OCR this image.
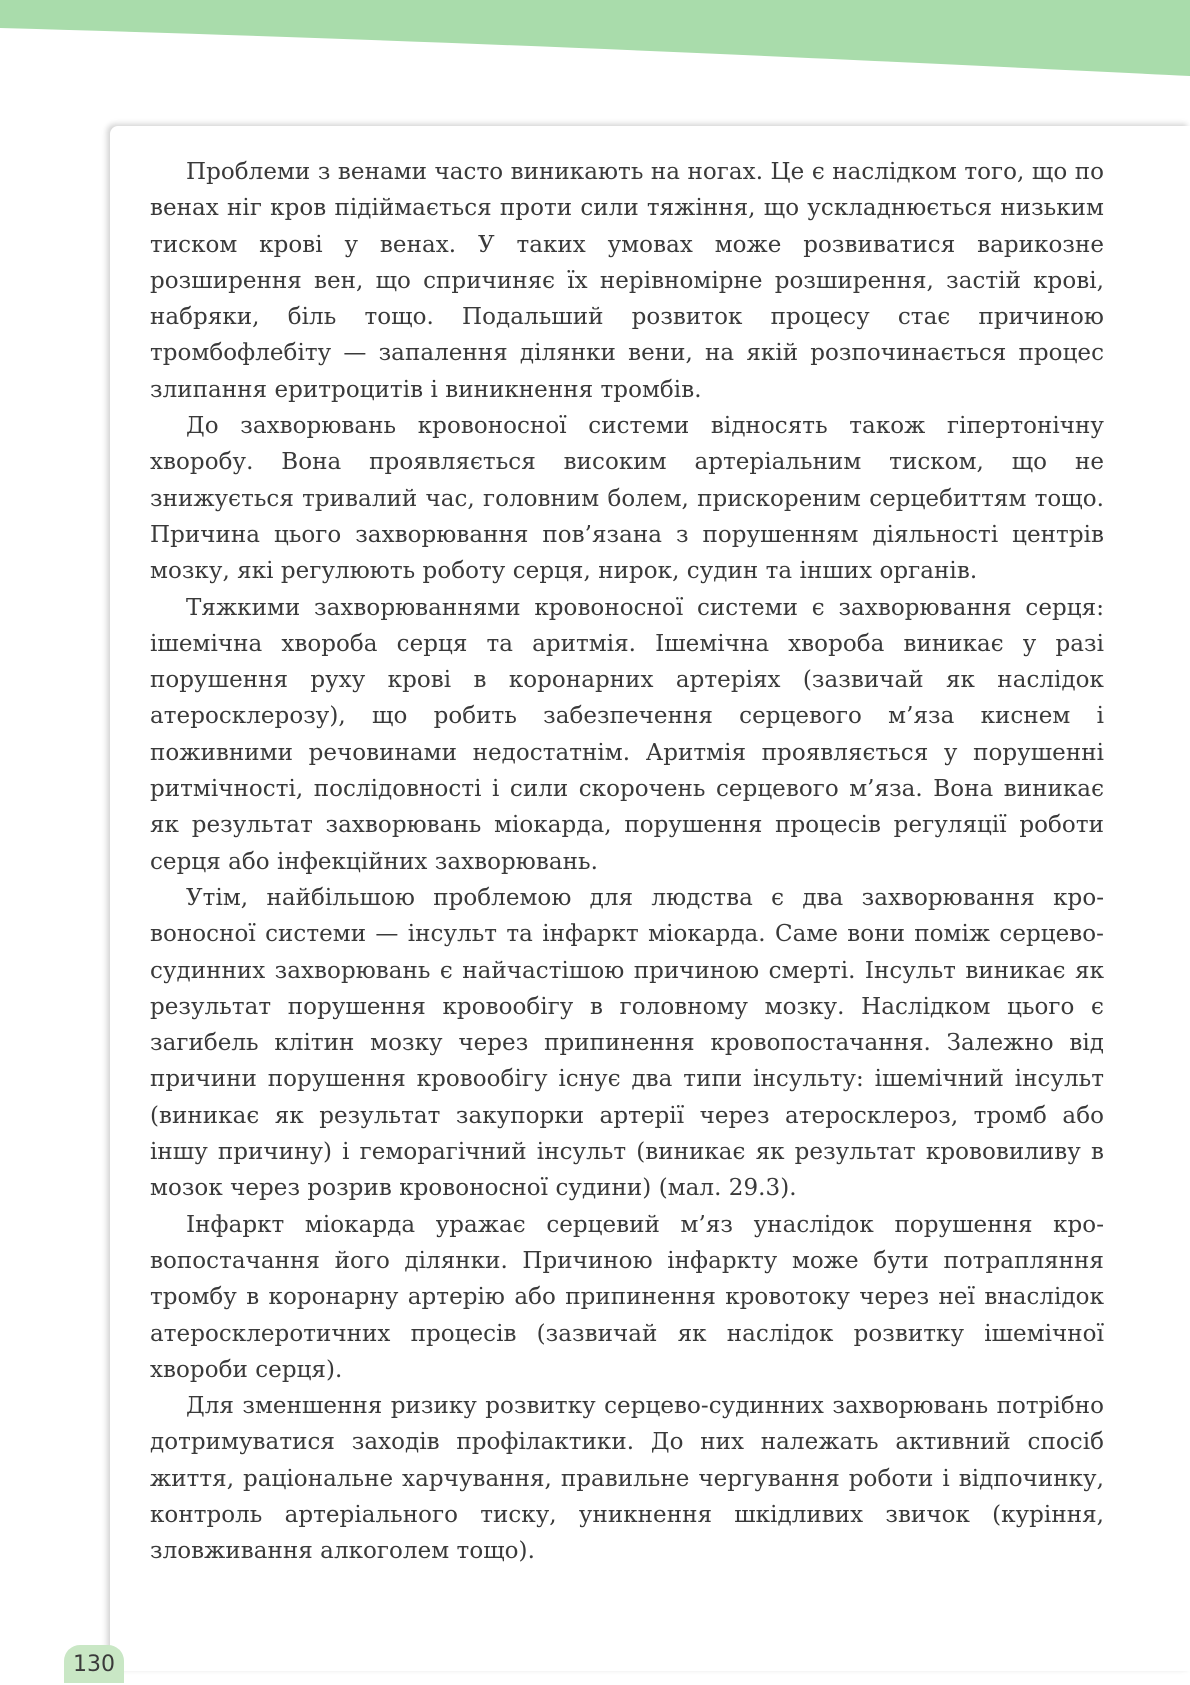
Проблеми з венами часто виникають на ногах. Це є наслідком того, що по венах ніг кров підіймається проти сили тяжіння, що ускладнюється низьким тиском крові у венах. У таких умовах може розвиватися варикозне розширення вен, що спричиняє їх нерівномірне розширення, застій крові, набряки, біль тощо. Подальший розвиток процесу стає причиною тромбофлебіту — запалення ділянки вени, на якій розпочинається процес злипання еритроцитів і виникнення тромбів.

До захворювань кровоносної системи відносять також гіпертонічну хворобу. Вона проявляється високим артеріальним тиском, що не знижується тривалий час, головним болем, прискореним серцебиттям тощо. Причина цього захворювання пов’язана з порушенням діяльності центрів мозку, які регулюють роботу серця, нирок, судин та інших органів.

Тяжкими захворюваннями кровоносної системи є захворювання серця: ішемічна хвороба серця та аритмія. Ішемічна хвороба виникає у разі порушення руху крові в коронарних артеріях (зазвичай як наслідок атеросклерозу), що робить забезпечення серцевого м’яза киснем і поживними речовинами недостатнім. Аритмія проявляється у порушенні ритмічності, послідовності і сили скорочень серцевого м’яза. Вона виникає як результат захворювань міокарда, порушення процесів регуляції роботи серця або інфекційних захворювань.

Утім, найбільшою проблемою для людства є два захворювання кровоносної системи — інсульт та інфаркт міокарда. Саме вони поміж серцево-судинних захворювань є найчастішою причиною смерті. Інсульт виникає як результат порушення кровообігу в головному мозку. Наслідком цього є загибель клітин мозку через припинення кровопостачання. Залежно від причини порушення кровообігу існує два типи інсульту: ішемічний інсульт (виникає як результат закупорки артерії через атеросклероз, тромб або іншу причину) і геморагічний інсульт (виникає як результат крововиливу в мозок через розрив кровоносної судини) (мал. 29.3).

Інфаркт міокарда уражає серцевий м’яз унаслідок порушення кровопостачання його ділянки. Причиною інфаркту може бути потрапляння тромбу в коронарну артерію або припинення кровотоку через неї внаслідок атеросклеротичних процесів (зазвичай як наслідок розвитку ішемічної хвороби серця).

Для зменшення ризику розвитку серцево-судинних захворювань потрібно дотримуватися заходів профілактики. До них належать активний спосіб життя, раціональне харчування, правильне чергування роботи і відпочинку, контроль артеріального тиску, уникнення шкідливих звичок (куріння, зловживання алкоголем тощо).

130
